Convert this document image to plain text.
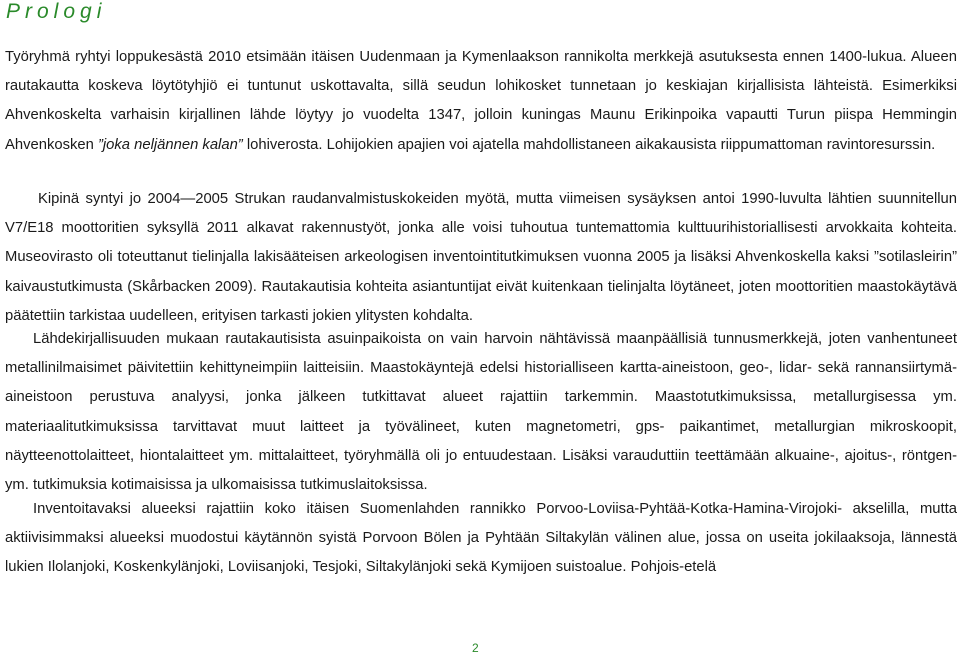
Prologi

Työryhmä ryhtyi loppukesästä 2010 etsimään itäisen Uudenmaan ja Kymenlaakson rannikolta merkkejä asutuksesta ennen 1400-lukua. Alueen rautakautta koskeva löytötyhjiö ei tuntunut uskottavalta, sillä seudun lohikosket tunnetaan jo keskiajan kirjallisista lähteistä. Esimerkiksi Ahvenkoskelta varhaisin kirjallinen lähde löytyy jo vuodelta 1347, jolloin kuningas Maunu Erikinpoika vapautti Turun piispa Hemmingin Ahvenkosken ”joka neljännen kalan” lohiverosta. Lohijokien apajien voi ajatella mahdollistaneen aikakausista riippumattoman ravintoresurssin.

Kipinä syntyi jo 2004—2005 Strukan raudanvalmistuskokeiden myötä, mutta viimeisen sysäyksen antoi 1990-luvulta lähtien suunnitellun V7/E18 moottoritien syksyllä 2011 alkavat rakennustyöt, jonka alle voisi tuhoutua tuntemattomia kulttuurihistoriallisesti arvokkaita kohteita. Museovirasto oli toteuttanut tielinjalla lakisääteisen arkeologisen inventointitutkimuksen vuonna 2005 ja lisäksi Ahvenkoskella kaksi ”sotilasleirin” kaivaustutkimusta (Skårbacken 2009). Rautakautisia kohteita asiantuntijat eivät kuitenkaan tielinjalta löytäneet, joten moottoritien maastokäytävä päätettiin tarkistaa uudelleen, erityisen tarkasti jokien ylitysten kohdalta.

Lähdekirjallisuuden mukaan rautakautisista asuinpaikoista on vain harvoin nähtävissä maanpäällisiä tunnusmerkkejä, joten vanhentuneet metallinilmaisimet päivitettiin kehittyneimpiin laitteisiin. Maastokäyntejä edelsi historialliseen kartta-aineistoon, geo-, lidar- sekä rannansiirtymä- aineistoon perustuva analyysi, jonka jälkeen tutkittavat alueet rajattiin tarkemmin. Maastotutkimuksissa, metallurgisessa ym. materiaalitutkimuksissa tarvittavat muut laitteet ja työvälineet, kuten magnetometri, gps- paikantimet, metallurgian mikroskoopit, näytteenottolaitteet, hiontalaitteet ym. mittalaitteet, työryhmällä oli jo entuudestaan. Lisäksi varauduttiin teettämään alkuaine-, ajoitus-, röntgen- ym. tutkimuksia kotimaisissa ja ulkomaisissa tutkimuslaitoksissa.

Inventoitavaksi alueeksi rajattiin koko itäisen Suomenlahden rannikko Porvoo-Loviisa-Pyhtää-Kotka-Hamina-Virojoki- akselilla, mutta aktiivisimmaksi alueeksi muodostui käytännön syistä Porvoon Bölen ja Pyhtään Siltakylän välinen alue, jossa on useita jokilaaksoja, lännestä lukien Ilolanjoki, Koskenkylänjoki, Loviisanjoki, Tesjoki, Siltakylänjoki sekä Kymijoen suistoalue. Pohjois-etelä

2
